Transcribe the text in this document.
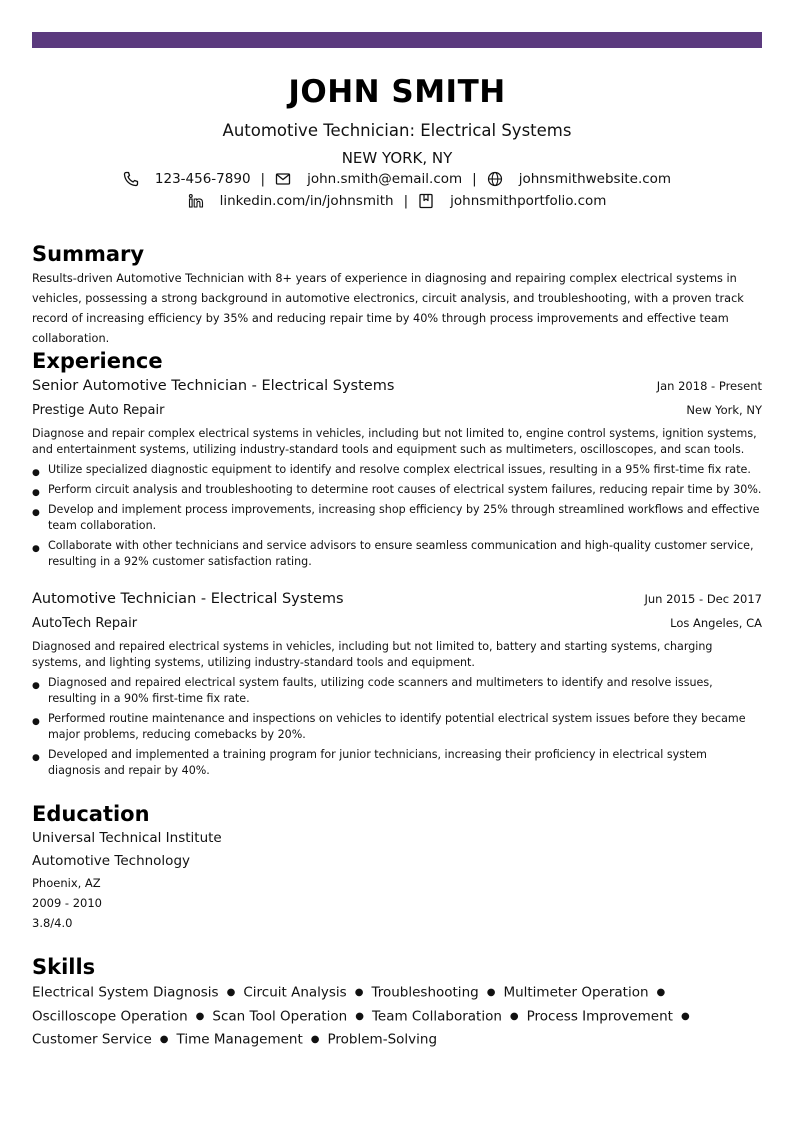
JOHN SMITH
Automotive Technician: Electrical Systems
NEW YORK, NY
123-456-7890 |	john.smith@email.com |	johnsmithwebsite.com
linkedin.com/in/johnsmith |	johnsmithportfolio.com
Summary
Results-driven Automotive Technician with 8+ years of experience in diagnosing and repairing complex electrical systems in vehicles, possessing a strong background in automotive electronics, circuit analysis, and troubleshooting, with a proven track record of increasing efficiency by 35% and reducing repair time by 40% through process improvements and effective team collaboration.
Experience
Senior Automotive Technician - Electrical Systems	Jan 2018 - Present
Prestige Auto Repair	New York, NY
Diagnose and repair complex electrical systems in vehicles, including but not limited to, engine control systems, ignition systems, and entertainment systems, utilizing industry-standard tools and equipment such as multimeters, oscilloscopes, and scan tools.
● Utilize specialized diagnostic equipment to identify and resolve complex electrical issues, resulting in a 95% first-time fix rate.
● Perform circuit analysis and troubleshooting to determine root causes of electrical system failures, reducing repair time by 30%.
● Develop and implement process improvements, increasing shop efficiency by 25% through streamlined workflows and effective team collaboration.
● Collaborate with other technicians and service advisors to ensure seamless communication and high-quality customer service, resulting in a 92% customer satisfaction rating.
Automotive Technician - Electrical Systems	Jun 2015 - Dec 2017
AutoTech Repair	Los Angeles, CA
Diagnosed and repaired electrical systems in vehicles, including but not limited to, battery and starting systems, charging systems, and lighting systems, utilizing industry-standard tools and equipment.
● Diagnosed and repaired electrical system faults, utilizing code scanners and multimeters to identify and resolve issues, resulting in a 90% first-time fix rate.
● Performed routine maintenance and inspections on vehicles to identify potential electrical system issues before they became major problems, reducing comebacks by 20%.
● Developed and implemented a training program for junior technicians, increasing their proficiency in electrical system diagnosis and repair by 40%.
Education
Universal Technical Institute
Automotive Technology
Phoenix, AZ
2009 - 2010
3.8/4.0
Skills
Electrical System Diagnosis ● Circuit Analysis ● Troubleshooting ● Multimeter Operation ●
Oscilloscope Operation ● Scan Tool Operation ● Team Collaboration ● Process Improvement ●
Customer Service ● Time Management ● Problem-Solving
